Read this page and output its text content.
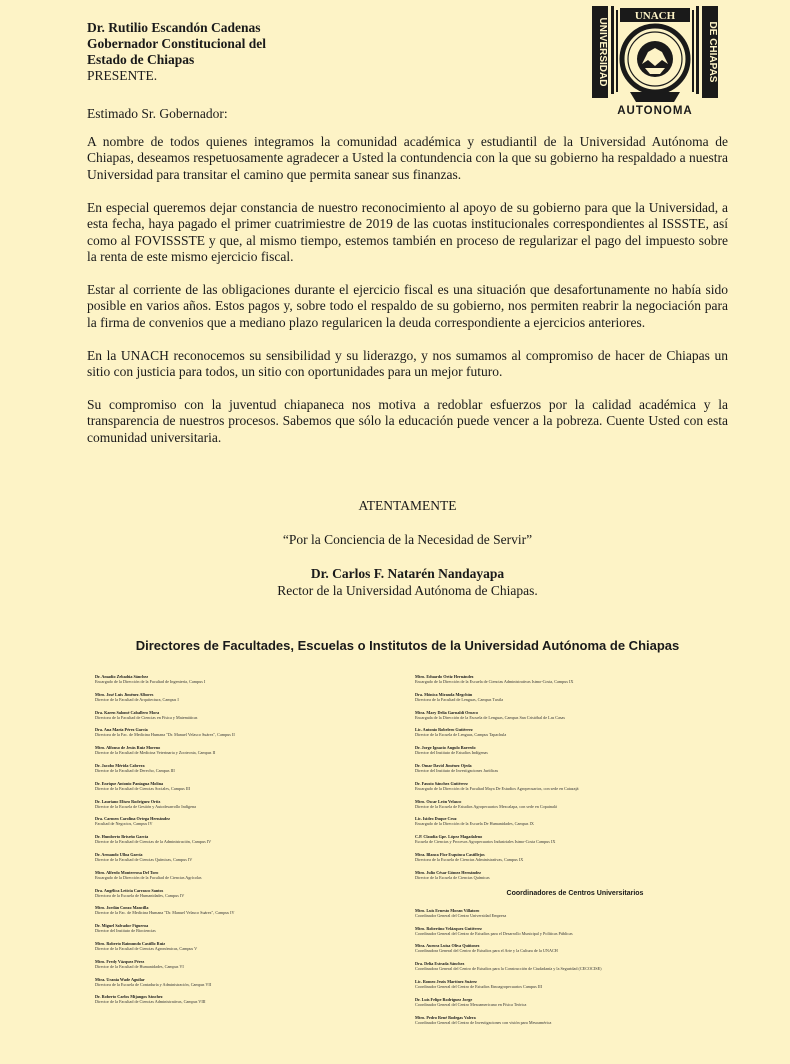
Dr. Rutilio Escandón Cadenas
Gobernador Constitucional del
Estado de Chiapas
PRESENTE.	UNIVERSIDAD	DE CHIAPAS
UNACH
AUTONOMA
Estimado Sr. Gobernador:

A nombre de todos quienes integramos la comunidad académica y estudiantil de la Universidad Autónoma de Chiapas, deseamos respetuosamente agradecer a Usted la contundencia con la que su gobierno ha respaldado a nuestra Universidad para transitar el camino que permita sanear sus finanzas.

En especial queremos dejar constancia de nuestro reconocimiento al apoyo de su gobierno para que la Universidad, a esta fecha, haya pagado el primer cuatrimiestre de 2019 de las cuotas institucionales correspondientes al ISSSTE, así como al FOVISSSTE y que, al mismo tiempo, estemos también en proceso de regularizar el pago del impuesto sobre la renta de este mismo ejercicio fiscal.

Estar al corriente de las obligaciones durante el ejercicio fiscal es una situación que desafortunamente no había sido posible en varios años. Estos pagos y, sobre todo el respaldo de su gobierno, nos permiten reabrir la negociación para la firma de convenios que a mediano plazo regularicen la deuda correspondiente a ejercicios anteriores.

En la UNACH reconocemos su sensibilidad y su liderazgo, y nos sumamos al compromiso de hacer de Chiapas un sitio con justicia para todos, un sitio con oportunidades para un mejor futuro.

Su compromiso con la juventud chiapaneca nos motiva a redoblar esfuerzos por la calidad académica y la transparencia de nuestros procesos. Sabemos que sólo la educación puede vencer a la pobreza. Cuente Usted con esta comunidad universitaria.

ATENTAMENTE
“Por la Conciencia de la Necesidad de Servir”
Dr. Carlos F. Natarén Nandayapa
Rector de la Universidad Autónoma de Chiapas.
Directores de Facultades, Escuelas o Institutos de la Universidad Autónoma de Chiapas
Dr. Amadio Zebadúa Sánchez
Encargado de la Dirección de la Facultad de Ingeniería, Campus I
Mtro. José Luis Jiménez Albores
Director de la Facultad de Arquitectura, Campus I
Dra. Karen Salomé Caballero Mora
Directora de la Facultad de Ciencias en Física y Matemáticas
Dra. Ana María Pérez García
Directora de la Fac. de Medicina Humana "Dr. Manuel Velasco Suárez", Campus II
Mtro. Alfonso de Jesús Ruiz Moreno
Director de la Facultad de Medicina Veterinaria y Zootecnia, Campus II
Dr. Jacobo Mérida Cabrera
Director de la Facultad de Derecho, Campus III
Dr. Enrique Antonio Paniagua Molina
Director de la Facultad de Ciencias Sociales, Campus III
Dr. Lauriano Eliseo Rodríguez Ortiz
Director de la Escuela de Gestión y Autodesarrollo Indígena
Dra. Carmen Carolina Ortega Hernández
Facultad de Negocios, Campus IV
Dr. Humberto Briseño García
Director de la Facultad de Ciencias de la Administración, Campus IV
Dr. Armando Ulloa García
Director de la Facultad de Ciencias Químicas, Campus IV
Mtro. Alfredo Monterrosa Del Toro
Encargado de la Dirección de la Facultad de Ciencias Agrícolas
Dra. Angélica Leticia Carrasco Santos
Directora de la Escuela de Humanidades, Campus IV
Mtro. Jordán Conzo Mancilla
Director de la Fac. de Medicina Humana "Dr. Manuel Velasco Suárez", Campus IV
Dr. Miguel Salvador Figueroa
Director del Instituto de Biociencias
Mtro. Roberto Raimundo Castillo Ruiz
Director de la Facultad de Ciencias Agronómicas, Campus V
Mtro. Fredy Vázquez Pérez
Director de la Facultad de Humanidades, Campus VI
Mtra. Urania Wade Aguilar
Directora de la Escuela de Contaduría y Administración, Campus VII
Dr. Roberto Carlos Mijangos Sánchez
Director de la Facultad de Ciencias Administrativas, Campus VIII
Mtro. Eduardo Ortiz Hernández
Encargado de la Dirección de la Escuela de Ciencias Administrativas Istmo-Costa, Campus IX
Dra. Mónica Miranda Megchún
Directora de la Facultad de Lenguas, Campus Tuxtla
Mtra. Mary Delia Garnaldi Orozco
Encargada de la Dirección de la Escuela de Lenguas, Campus San Cristóbal de Las Casas
Lic. Antonio Robelero Gutiérrez
Director de la Escuela de Lenguas, Campus Tapachula
Dr. Jorge Ignacio Angulo Barredo
Director del Instituto de Estudios Indígenas
Dr. Omar David Jiménez Ojeda
Director del Instituto de Investigaciones Jurídicas
Dr. Fausto Sánchez Gutiérrez
Encargado de la Dirección de la Facultad Maya De Estudios Agropecuarios, con sede en Catazajá
Mtro. Oscar León Velasco
Director de la Escuela de Estudios Agropecuarios Mezcalapa, con sede en Copainalá
Lic. Isidro Duque Cruz
Encargado de la Dirección de la Escuela De Humanidades, Campus IX
C.P. Claudia Gpe. López Magadaleno
Escuela de Ciencias y Procesos Agropecuarios Industriales Istmo-Costa Campus IX
Mtra. Blanca Flor Esquinca Castillejos
Directora de la Escuela de Ciencias Administrativas, Campus IX
Mtro. Julio César Gómez Hernández
Director de la Escuela de Ciencias Químicas
Coordinadores de Centros Universitarios
Mtro. Luis Ernesto Moran Villatoro
Coordinador General del Centro Universidad Empresa
Mtro. Robertino Velázquez Gutiérrez
Coordinador General del Centro de Estudios para el Desarrollo Municipal y Políticas Públicas
Mtra. Aurora Luisa Oliva Quiñonez
Coordinadora General del Centro de Estudios para el Arte y la Cultura de la UNACH
Dra. Delia Estrada Sánchez
Coordinadora General del Centro de Estudios para la Construcción de Ciudadanía y la Seguridad (CECOCISE)
Lic. Romeo Jesús Martínez Suárez
Coordinador General del Centro de Estudios Etnoagropecuarios Campus III
Dr. Luis Felipe Rodríguez Jorge
Coordinador General del Centro Mesoamericano en Física Teórica
Mtro. Pedro René Bodegas Valera
Coordinador General del Centro de Investigaciones con visión para Mesoamérica
